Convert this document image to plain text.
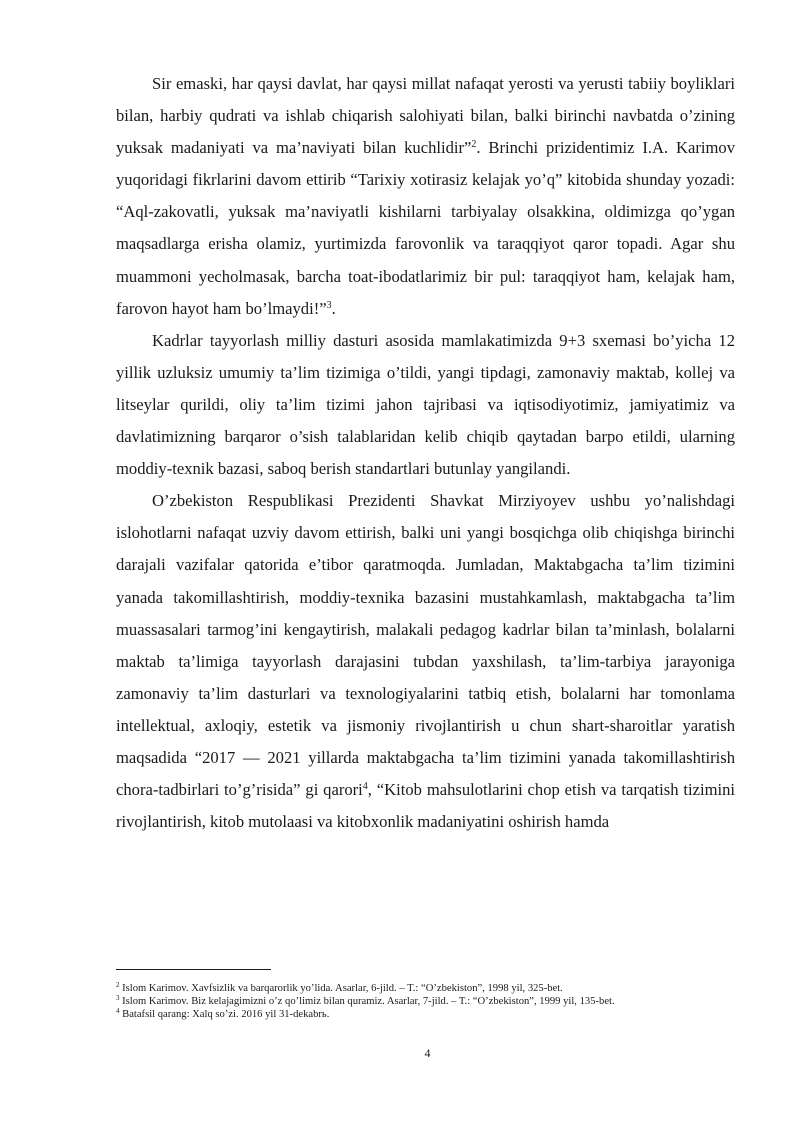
Sir emaski, har qaysi davlat, har qaysi millat nafaqat yerosti va yerusti tabiiy boyliklari bilan, harbiy qudrati va ishlab chiqarish salohiyati bilan, balki birinchi navbatda o’zining yuksak madaniyati va ma’naviyati bilan kuchlidir”$^2$. Brinchi prizidentimiz I.A. Karimov yuqoridagi fikrlarini davom ettirib “Tarixiy xotirasiz kelajak yo’q” kitobida shunday yozadi: “Aql-zakovatli, yuksak ma’naviyatli kishilarni tarbiyalay olsakkina, oldimizga qo’ygan maqsadlarga erisha olamiz, yurtimizda farovonlik va taraqqiyot qaror topadi. Agar shu muammoni yecholmasak, barcha toat-ibodatlarimiz bir pul: taraqqiyot ham, kelajak ham, farovon hayot ham bo’lmaydi!”$^3$.

Kadrlar tayyorlash milliy dasturi asosida mamlakatimizda 9+3 sxemasi bo’yicha 12 yillik uzluksiz umumiy ta’lim tizimiga o’tildi, yangi tipdagi, zamonaviy maktab, kollej va litseylar qurildi, oliy ta’lim tizimi jahon tajribasi va iqtisodiyotimiz, jamiyatimiz va davlatimizning barqaror o’sish talablaridan kelib chiqib qaytadan barpo etildi, ularning moddiy-texnik bazasi, saboq berish standartlari butunlay yangilandi.

O’zbekiston Respublikasi Prezidenti Shavkat Mirziyoyev ushbu yo’nalishdagi islohotlarni nafaqat uzviy davom ettirish, balki uni yangi bosqichga olib chiqishga birinchi darajali vazifalar qatorida e’tibor qaratmoqda. Jumladan, Maktabgacha ta’lim tizimini yanada takomillashtirish, moddiy-texnika bazasini mustahkamlash, maktabgacha ta’lim muassasalari tarmog’ini kengaytirish, malakali pedagog kadrlar bilan ta’minlash, bolalarni maktab ta’limiga tayyorlash darajasini tubdan yaxshilash, ta’lim-tarbiya jarayoniga zamonaviy ta’lim dasturlari va texnologiyalarini tatbiq etish, bolalarni har tomonlama intellektual, axloqiy, estetik va jismoniy rivojlantirish u chun shart-sharoitlar yaratish maqsadida “2017 — 2021 yillarda maktabgacha ta’lim tizimini yanada takomillashtirish chora-tadbirlari to’g’risida” gi qarori$^4$, “Kitob mahsulotlarini chop etish va tarqatish tizimini rivojlantirish, kitob mutolaasi va kitobxonlik madaniyatini oshirish hamda

$^2$ Islom Karimov. Xavfsizlik va barqarorlik yo’lida. Asarlar, 6-jild. – T.: “O’zbekiston”, 1998 yil, 325-bet.

$^3$ Islom Karimov. Biz kelajagimizni o’z qo’limiz bilan quramiz. Asarlar, 7-jild. – T.: “O’zbekiston”, 1999 yil, 135-bet.

$^4$ Batafsil qarang: Xalq so’zi. 2016 yil 31-dekabrь.

4
